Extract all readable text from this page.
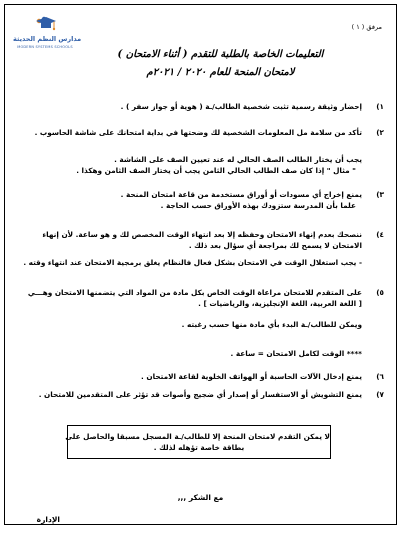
مدارس النظم الحديثة
MODERN SYSTEMS SCHOOLS
مرفق ( ١ )
التعليمات الخاصة بالطلبة للتقدم ( أثناء الامتحان )
لامتحان المنحة للعام ٢٠٢٠ / ٢٠٢١م
١)

إحضار وثيقة رسمية تثبت شخصية الطالب/ـة ( هوية أو جواز سفر ) .

٢)

تأكد من سلامة مل المعلومات الشخصية لك وضحتها في بداية امتحانك على شاشة الحاسوب .

يجب أن يختار الطالب الصف الحالي له عند تعيين الصف على الشاشة .

" مثال " إذا كان صف الطالب الحالي الثامن يجب أن يختار الصف الثامن وهكذا .

٣)

يمنع إخراج أي مسودات أو أوراق مستخدمة من قاعة امتحان المنحة .

علما بأن المدرسة ستزودك بهذه الأوراق حسب الحاجة .

٤)

ننصحك بعدم إنهاء الامتحان وحفظه إلا بعد انتهاء الوقت المخصص لك و هو ساعة. لأن إنهاء

الامتحان لا يسمح لك بمراجعة أي سؤال بعد ذلك .

- يجب استغلال الوقت في الامتحان بشكل فعال فالنظام يغلق برمجية الامتحان عند انتهاء وقته .

٥)

على المتقدم للامتحان مراعاة الوقت الخاص بكل مادة من المواد التي يتضمنها الامتحان وهـــي

[ اللغة العربية، اللغة الإنجليزية، والرياضيات ] .

ويمكن للطالب/ـة البدء بأي مادة منها حسب رغبته .

**** الوقت لكامل الامتحان = ساعة .

٦)

يمنع إدخال الآلات الحاسبة أو الهواتف الخلوية لقاعة الامتحان .

٧)

يمنع التشويش أو الاستفسار أو إصدار أي ضجيج وأصوات قد تؤثر على المتقدمين للامتحان .

لا يمكن التقدم لامتحان المنحة إلا للطالب/ـة المسجل مسبقا والحاصل على

بطاقة خاصة تؤهله لذلك .

مع الشكر ,,,
الإدارة
